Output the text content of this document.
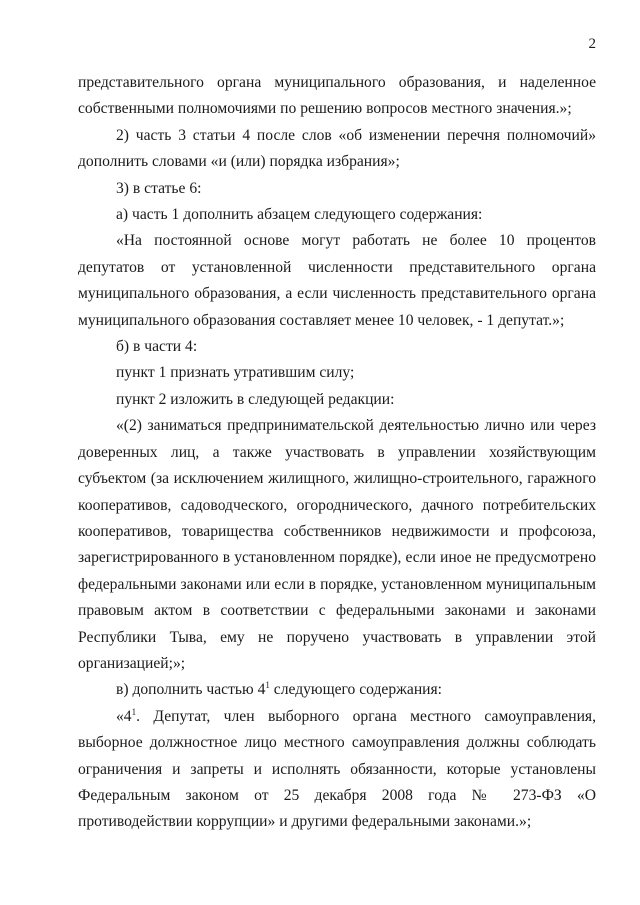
2

представительного органа муниципального образования, и наделенное собственными полномочиями по решению вопросов местного значения.»;

2) часть 3 статьи 4 после слов «об изменении перечня полномочий» дополнить словами «и (или) порядка избрания»;

3) в статье 6:

а) часть 1 дополнить абзацем следующего содержания:

«На постоянной основе могут работать не более 10 процентов депутатов от установленной численности представительного органа муниципального образования, а если численность представительного органа муниципального образования составляет менее 10 человек, - 1 депутат.»;

б) в части 4:

пункт 1 признать утратившим силу;

пункт 2 изложить в следующей редакции:

«(2) заниматься предпринимательской деятельностью лично или через доверенных лиц, а также участвовать в управлении хозяйствующим субъектом (за исключением жилищного, жилищно-строительного, гаражного кооперативов, садоводческого, огороднического, дачного потребительских кооперативов, товарищества собственников недвижимости и профсоюза, зарегистрированного в установленном порядке), если иное не предусмотрено федеральными законами или если в порядке, установленном муниципальным правовым актом в соответствии с федеральными законами и законами Республики Тыва, ему не поручено участвовать в управлении этой организацией;»;

в) дополнить частью $4^1$ следующего содержания:

«$4^1$. Депутат, член выборного органа местного самоуправления, выборное должностное лицо местного самоуправления должны соблюдать ограничения и запреты и исполнять обязанности, которые установлены Федеральным законом от 25 декабря 2008 года № 273-ФЗ «О противодействии коррупции» и другими федеральными законами.»;
